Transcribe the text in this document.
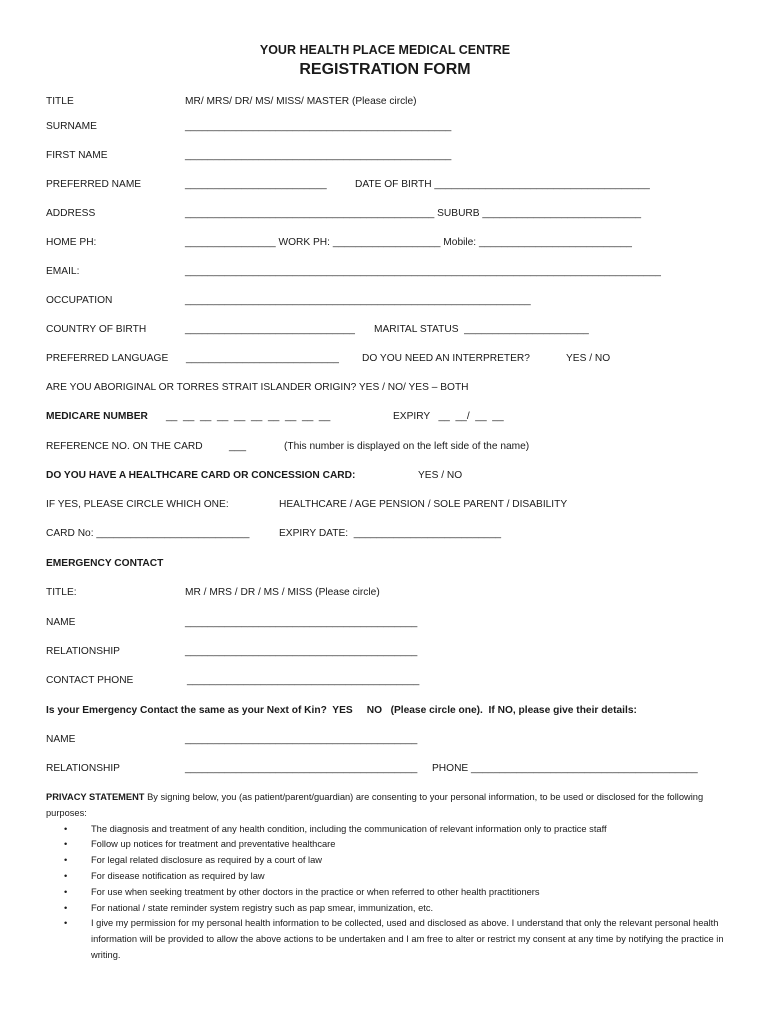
YOUR HEALTH PLACE MEDICAL CENTRE
REGISTRATION FORM
TITLE	MR/ MRS/ DR/ MS/ MISS/ MASTER (Please circle)
SURNAME	_______________________________________________
FIRST NAME	_______________________________________________
PREFERRED NAME	_________________________	DATE OF BIRTH ______________________________________
ADDRESS	____________________________________________ SUBURB ____________________________
HOME PH:	________________ WORK PH: ___________________ Mobile: ___________________________
EMAIL:	____________________________________________________________________________________
OCCUPATION	_____________________________________________________________
COUNTRY OF BIRTH	______________________________ MARITAL STATUS  ______________________
PREFERRED LANGUAGE ___________________________ DO YOU NEED AN INTERPRETER?	YES / NO
ARE YOU ABORIGINAL OR TORRES STRAIT ISLANDER ORIGIN? YES / NO/ YES – BOTH
MEDICARE NUMBER __  __  __  __  __  __  __  __  __  __	EXPIRY   __  __/  __  __
REFERENCE NO. ON THE CARD	___	(This number is displayed on the left side of the name)
DO YOU HAVE A HEALTHCARE CARD OR CONCESSION CARD:	YES / NO
IF YES, PLEASE CIRCLE WHICH ONE:	HEALTHCARE / AGE PENSION / SOLE PARENT / DISABILITY
CARD No: ___________________________	EXPIRY DATE:  __________________________
EMERGENCY CONTACT
TITLE:	MR / MRS / DR / MS / MISS (Please circle)
NAME	_________________________________________
RELATIONSHIP	_________________________________________
CONTACT PHONE	_________________________________________
Is your Emergency Contact the same as your Next of Kin?  YES     NO   (Please circle one).  If NO, please give their details:
NAME	_________________________________________
RELATIONSHIP	_________________________________________ PHONE ________________________________________

PRIVACY STATEMENT By signing below, you (as patient/parent/guardian) are consenting to your personal information, to be used or disclosed for the following purposes:

•	The diagnosis and treatment of any health condition, including the communication of relevant information only to practice staff
•	Follow up notices for treatment and preventative healthcare
•	For legal related disclosure as required by a court of law
•	For disease notification as required by law
•	For use when seeking treatment by other doctors in the practice or when referred to other health practitioners
•	For national / state reminder system registry such as pap smear, immunization, etc.
•	I give my permission for my personal health information to be collected, used and disclosed as above. I understand that only the relevant personal health information will be provided to allow the above actions to be undertaken and I am free to alter or restrict my consent at any time by notifying the practice in writing.
